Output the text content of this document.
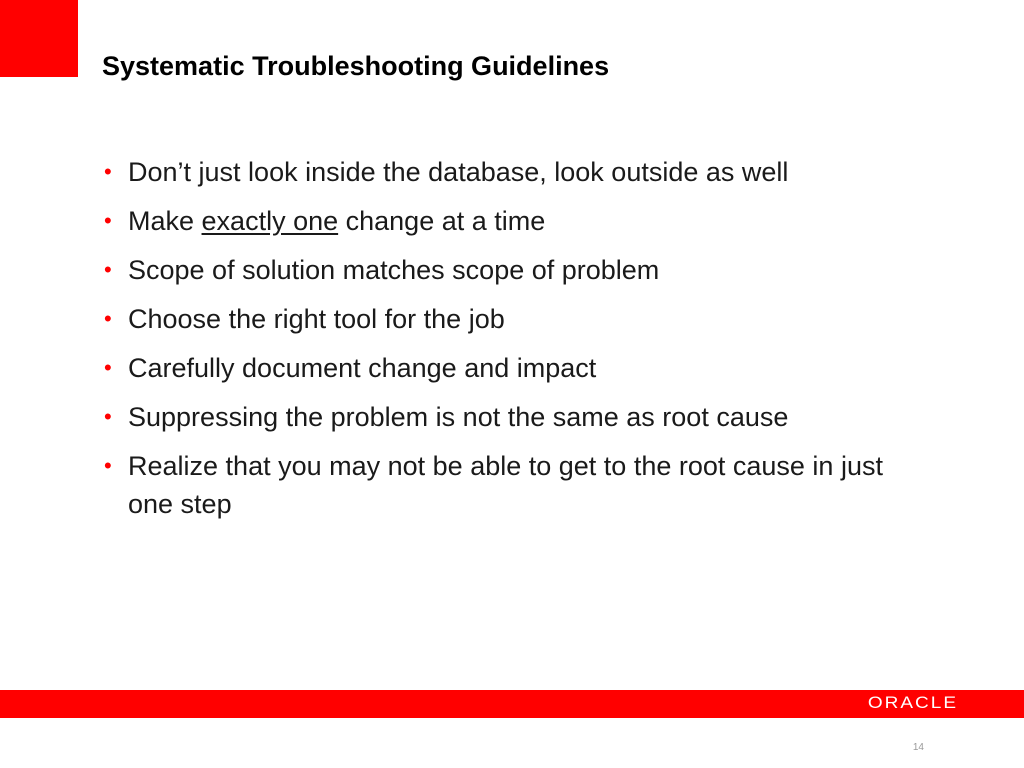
Systematic Troubleshooting Guidelines
• Don’t just look inside the database, look outside as well
• Make exactly one change at a time
• Scope of solution matches scope of problem
• Choose the right tool for the job
• Carefully document change and impact
• Suppressing the problem is not the same as root cause
• Realize that you may not be able to get to the root cause in just one step
ORACLE
14
